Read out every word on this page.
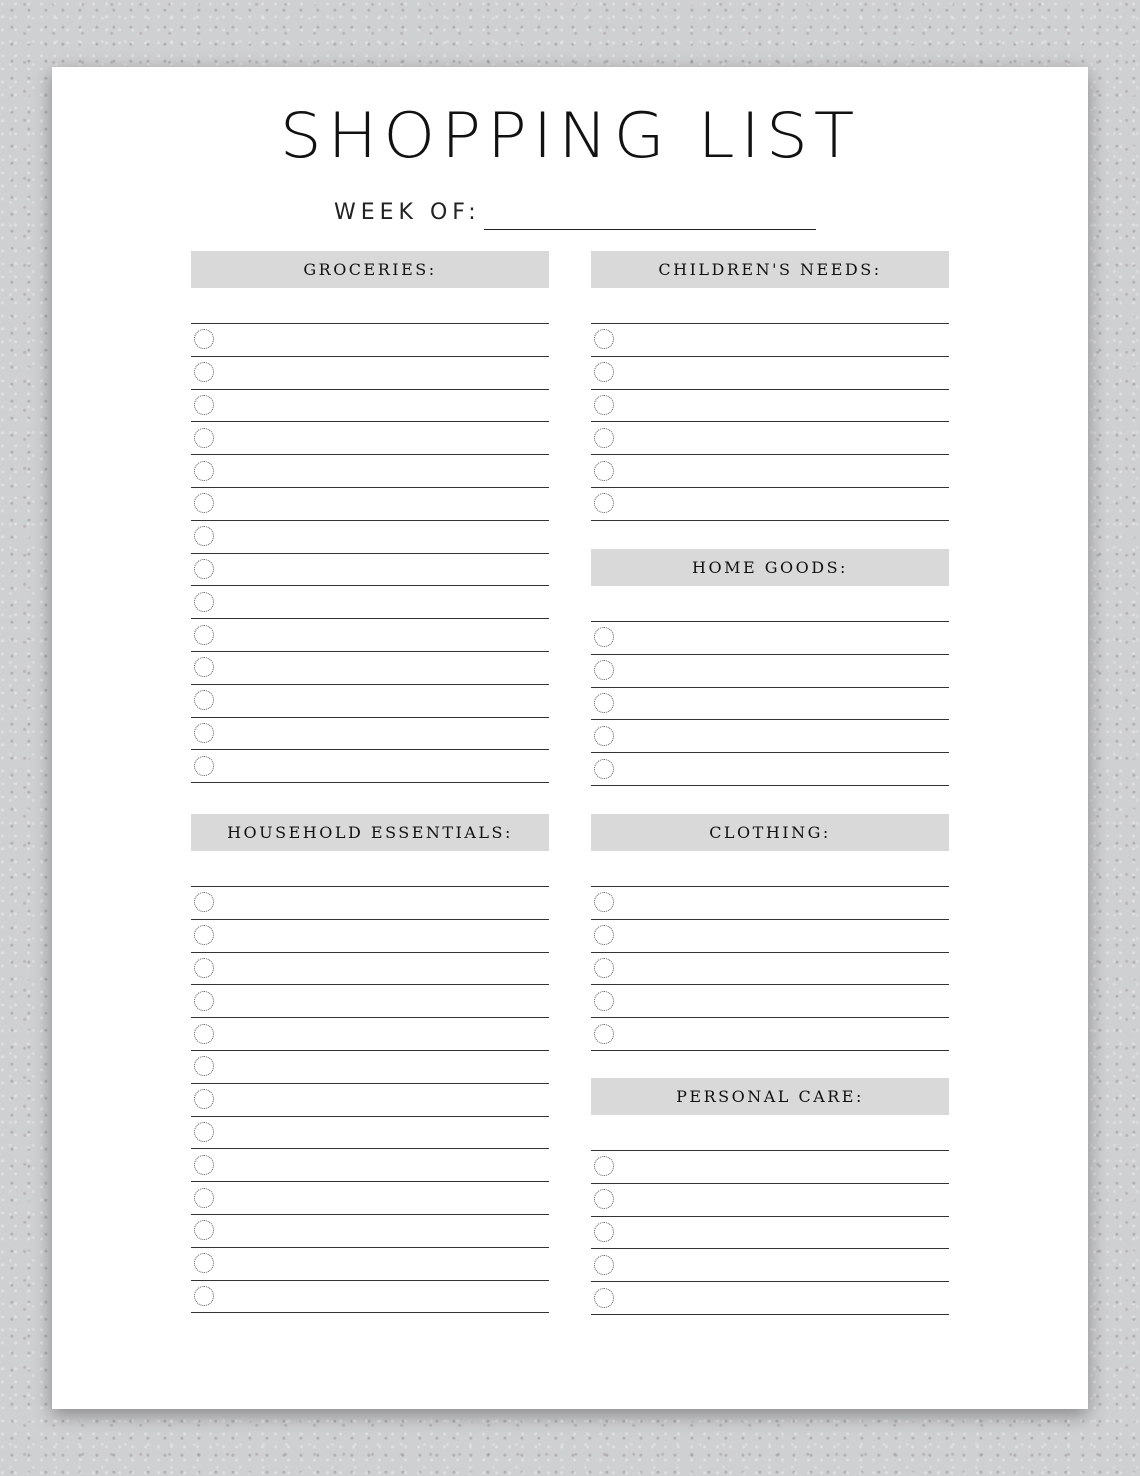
SHOPPING LIST
WEEK OF:
GROCERIES:	CHILDREN'S NEEDS:
HOME GOODS:
HOUSEHOLD ESSENTIALS:	CLOTHING:
PERSONAL CARE:
